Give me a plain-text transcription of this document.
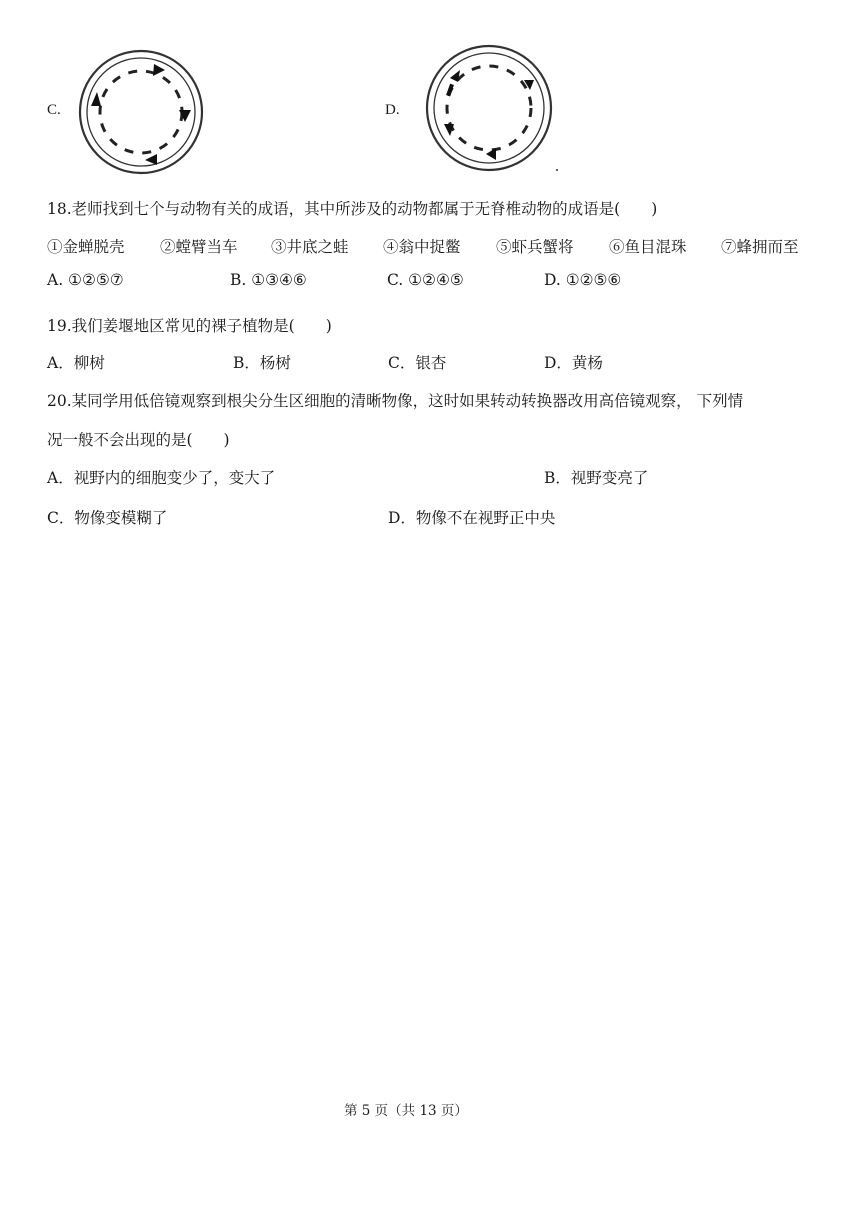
C.	D.
18.老师找到七个与动物有关的成语，其中所涉及的动物都属于无脊椎动物的成语是(　　)
①金蝉脱壳 ②螳臂当车 ③井底之蛙 ④翁中捉鳖 ⑤虾兵蟹将 ⑥鱼目混珠 ⑦蜂拥而至
A. ①②⑤⑦	B. ①③④⑥	C. ①②④⑤	D. ①②⑤⑥
19.我们姜堰地区常见的裸子植物是(　　)
A．柳树	B．杨树	C．银杏	D．黄杨
20.某同学用低倍镜观察到根尖分生区细胞的清晰物像，这时如果转动转换器改用高倍镜观察， 下列情
况一般不会出现的是(　　)
A．视野内的细胞变少了，变大了	B．视野变亮了
C．物像变模糊了	D．物像不在视野正中央
第 5 页（共 13 页）
